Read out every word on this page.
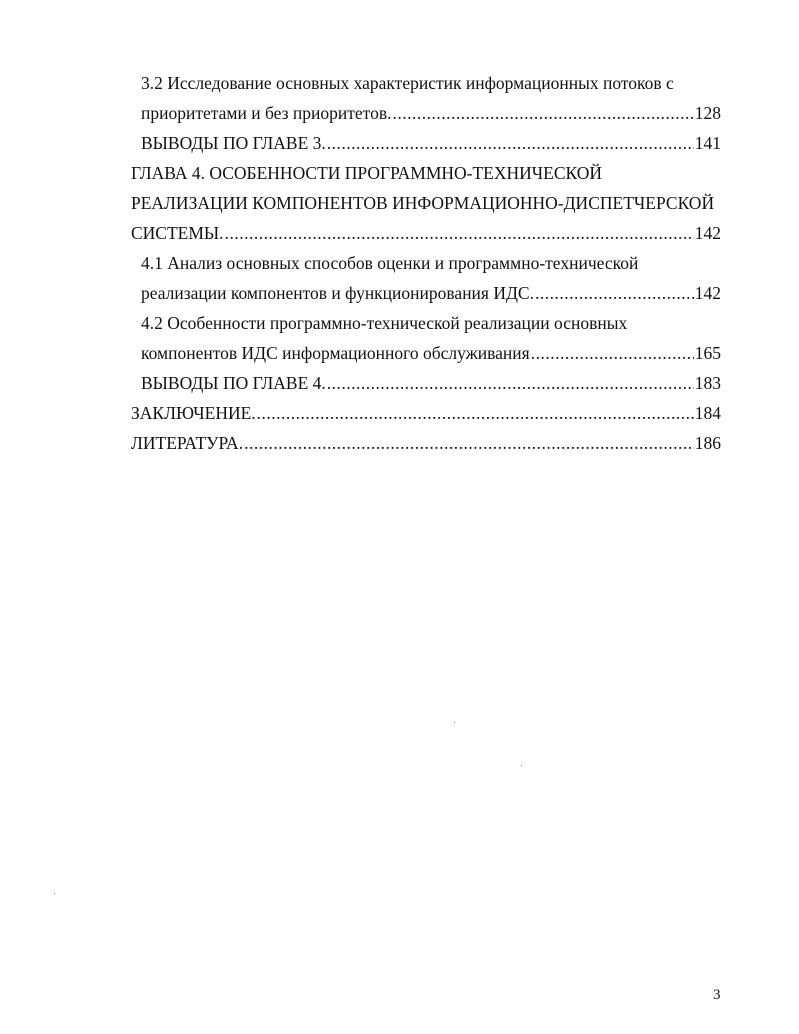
3.2 Исследование основных характеристик информационных потоков с
приоритетами и без приоритетов. .....	128
ВЫВОДЫ ПО ГЛАВЕ 3. .....	141
ГЛАВА 4. ОСОБЕННОСТИ ПРОГРАММНО-ТЕХНИЧЕСКОЙ
РЕАЛИЗАЦИИ КОМПОНЕНТОВ ИНФОРМАЦИОННО-ДИСПЕТЧЕРСКОЙ
СИСТЕМЫ. .....	142
4.1 Анализ основных способов оценки и программно-технической
реализации компонентов и функционирования ИДС. .....	142
4.2 Особенности программно-технической реализации основных
компонентов ИДС информационного обслуживания .....	165
ВЫВОДЫ ПО ГЛАВЕ 4. .....	183
ЗАКЛЮЧЕНИЕ. .....	184
ЛИТЕРАТУРА. .....	186
3
